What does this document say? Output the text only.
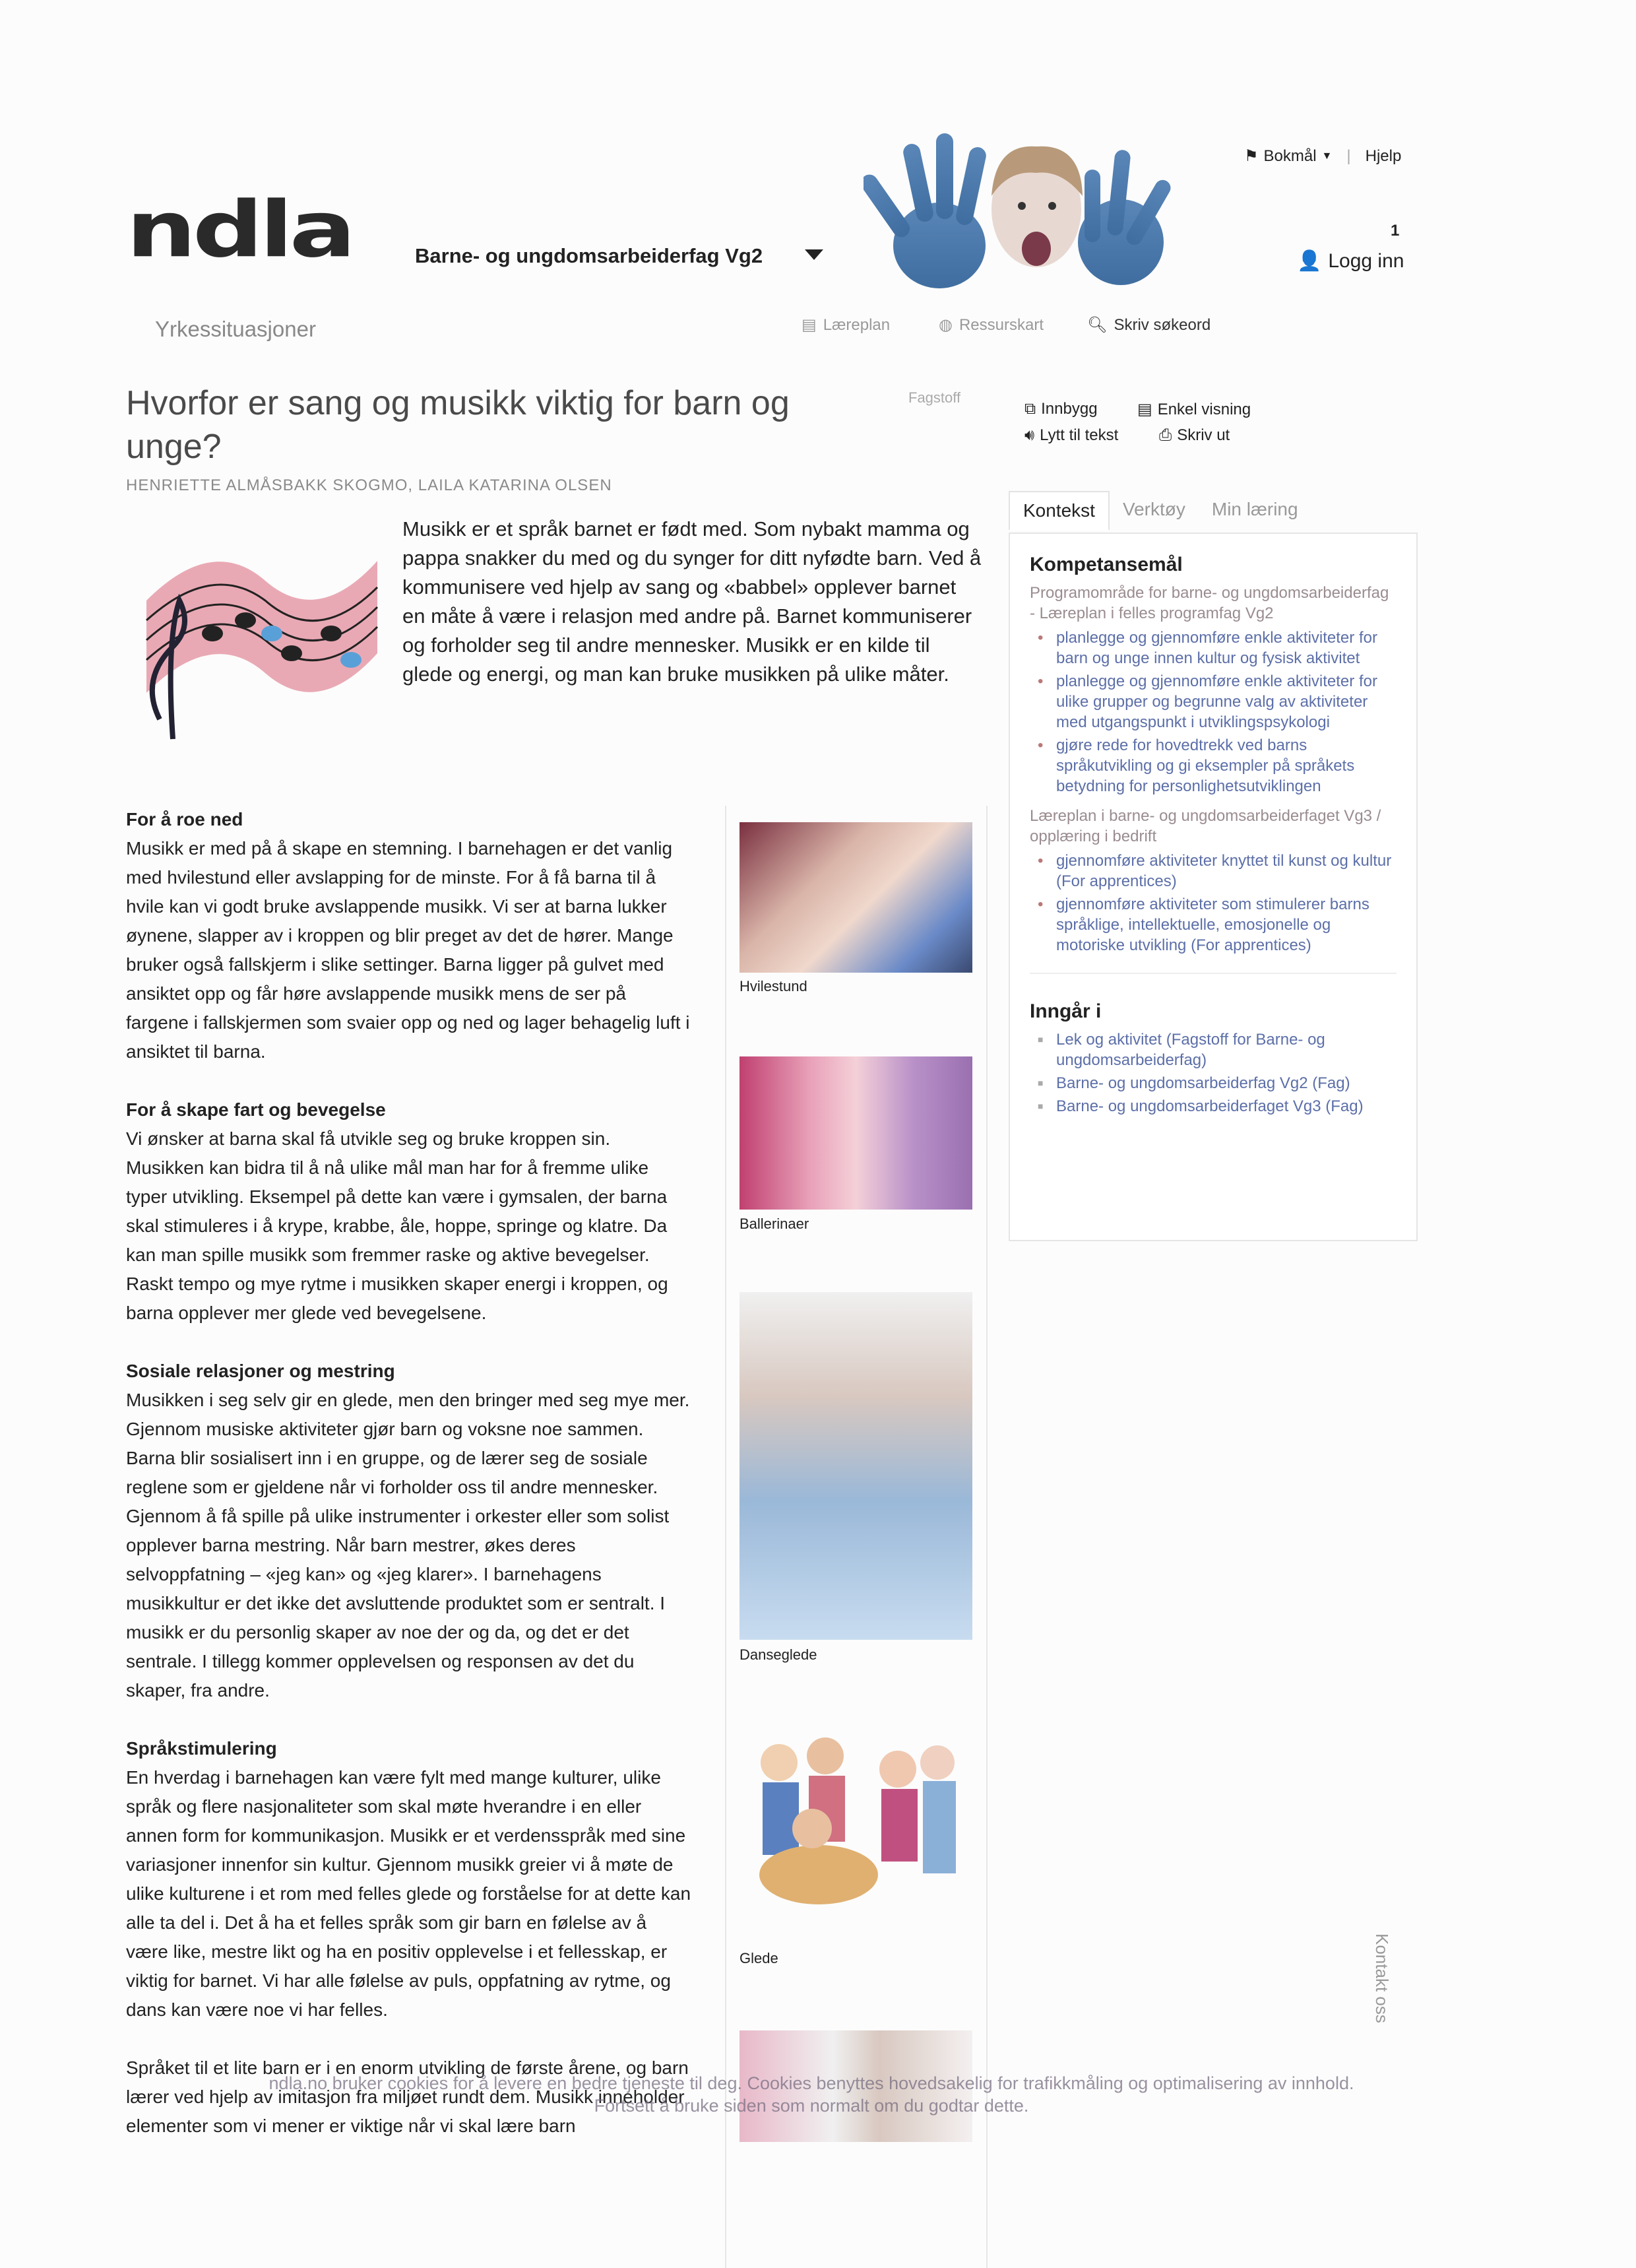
ndla	Barne- og ungdomsarbeiderfag Vg2
⚑ Bokmål ▼ | Hjelp
1
👤 Logg inn
Yrkessituasjoner	▤ Læreplan	◍ Ressurskart	🔍︎ Skriv søkeord
Hvorfor er sang og musikk viktig for barn og unge?
HENRIETTE ALMÅSBAKK SKOGMO, LAILA KATARINA OLSEN
Fagstoff
⧉ Innbygg	▤ Enkel visning
🔊︎ Lytt til tekst	⎙ Skriv ut
Musikk er et språk barnet er født med. Som nybakt mamma og pappa snakker du med og du synger for ditt nyfødte barn. Ved å kommunisere ved hjelp av sang og «babbel» opplever barnet en måte å være i relasjon med andre på. Barnet kommuniserer og forholder seg til andre mennesker. Musikk er en kilde til glede og energi, og man kan bruke musikken på ulike måter.
For å roe ned

Musikk er med på å skape en stemning. I barnehagen er det vanlig med hvilestund eller avslapping for de minste. For å få barna til å hvile kan vi godt bruke avslappende musikk. Vi ser at barna lukker øynene, slapper av i kroppen og blir preget av det de hører. Mange bruker også fallskjerm i slike settinger. Barna ligger på gulvet med ansiktet opp og får høre avslappende musikk mens de ser på fargene i fallskjermen som svaier opp og ned og lager behagelig luft i ansiktet til barna.

For å skape fart og bevegelse

Vi ønsker at barna skal få utvikle seg og bruke kroppen sin. Musikken kan bidra til å nå ulike mål man har for å fremme ulike typer utvikling. Eksempel på dette kan være i gymsalen, der barna skal stimuleres i å krype, krabbe, åle, hoppe, springe og klatre. Da kan man spille musikk som fremmer raske og aktive bevegelser. Raskt tempo og mye rytme i musikken skaper energi i kroppen, og barna opplever mer glede ved bevegelsene.

Sosiale relasjoner og mestring

Musikken i seg selv gir en glede, men den bringer med seg mye mer. Gjennom musiske aktiviteter gjør barn og voksne noe sammen. Barna blir sosialisert inn i en gruppe, og de lærer seg de sosiale reglene som er gjeldene når vi forholder oss til andre mennesker. Gjennom å få spille på ulike instrumenter i orkester eller som solist opplever barna mestring. Når barn mestrer, økes deres selvoppfatning – «jeg kan» og «jeg klarer». I barnehagens musikkultur er det ikke det avsluttende produktet som er sentralt. I musikk er du personlig skaper av noe der og da, og det er det sentrale. I tillegg kommer opplevelsen og responsen av det du skaper, fra andre.

Språkstimulering

En hverdag i barnehagen kan være fylt med mange kulturer, ulike språk og flere nasjonaliteter som skal møte hverandre i en eller annen form for kommunikasjon. Musikk er et verdensspråk med sine variasjoner innenfor sin kultur. Gjennom musikk greier vi å møte de ulike kulturene i et rom med felles glede og forståelse for at dette kan alle ta del i. Det å ha et felles språk som gir barn en følelse av å være like, mestre likt og ha en positiv opplevelse i et fellesskap, er viktig for barnet. Vi har alle følelse av puls, oppfatning av rytme, og dans kan være noe vi har felles.

Språket til et lite barn er i en enorm utvikling de første årene, og barn lærer ved hjelp av imitasjon fra miljøet rundt dem. Musikk inneholder elementer som vi mener er viktige når vi skal lære barn

Hvilestund
Ballerinaer
Danseglede
Glede
Kontekst	Verktøy	Min læring
Kompetansemål

Programområde for barne- og ungdomsarbeiderfag - Læreplan i felles programfag Vg2

• planlegge og gjennomføre enkle aktiviteter for barn og unge innen kultur og fysisk aktivitet
• planlegge og gjennomføre enkle aktiviteter for ulike grupper og begrunne valg av aktiviteter med utgangspunkt i utviklingspsykologi
• gjøre rede for hovedtrekk ved barns språkutvikling og gi eksempler på språkets betydning for personlighetsutviklingen

Læreplan i barne- og ungdomsarbeiderfaget Vg3 / opplæring i bedrift

• gjennomføre aktiviteter knyttet til kunst og kultur (For apprentices)
• gjennomføre aktiviteter som stimulerer barns språklige, intellektuelle, emosjonelle og motoriske utvikling (For apprentices)
Inngår i
■ Lek og aktivitet (Fagstoff for Barne- og ungdomsarbeiderfag)
■ Barne- og ungdomsarbeiderfag Vg2 (Fag)
■ Barne- og ungdomsarbeiderfaget Vg3 (Fag)
ndla.no bruker cookies for å levere en bedre tjeneste til deg. Cookies benyttes hovedsakelig for trafikkmåling og optimalisering av innhold. Fortsett å bruke siden som normalt om du godtar dette.
Kontakt oss
